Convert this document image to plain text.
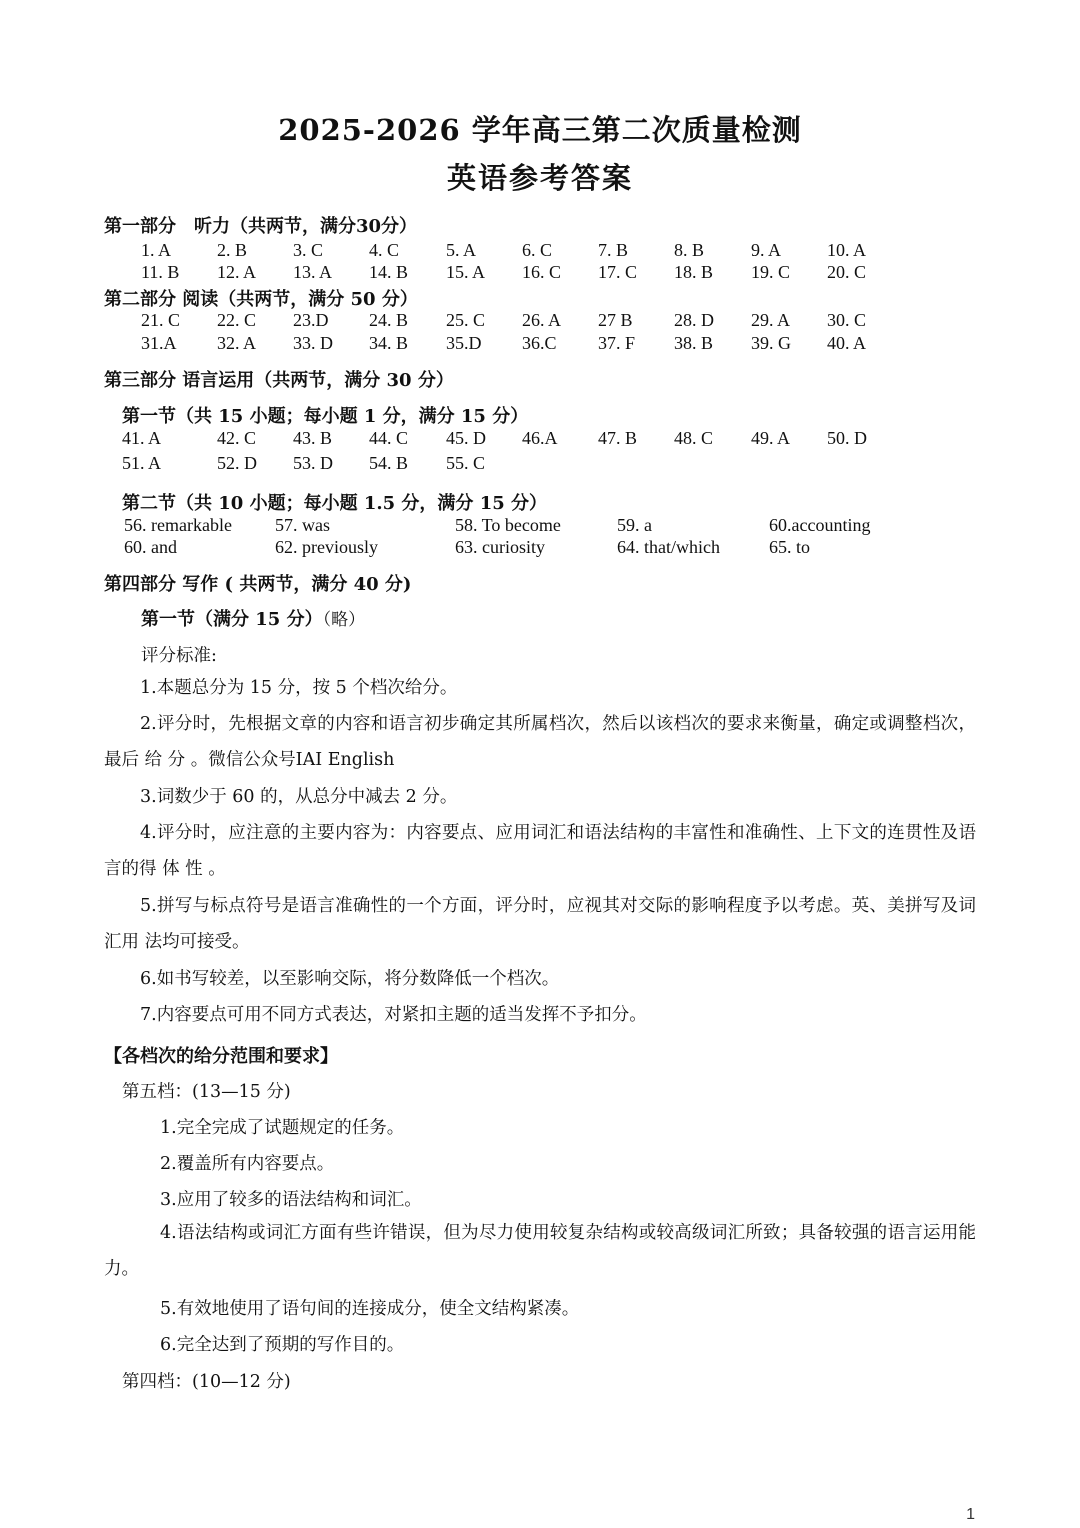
2025-2026 学年高三第二次质量检测
英语参考答案
第一部分　听力（共两节，满分30分）
1. A	2. B	3. C	4. C	5. A	6. C	7. B	8. B	9. A	10. A
11. B 12. A 13. A 14. B 15. A 16. C 17. C 18. B 19. C 20. C
第二部分 阅读（共两节，满分 50 分）
21. C 22. C 23.D 24. B 25. C 26. A 27 B 28. D 29. A 30. C
31.A 32. A 33. D 34. B 35.D 36.C 37. F 38. B 39. G 40. A
第三部分 语言运用（共两节，满分 30 分）
第一节（共 15 小题；每小题 1 分，满分 15 分）
41. A	42. C 43. B 44. C 45. D 46.A 47. B 48. C 49. A 50. D
51. A	52. D 53. D 54. B 55. C
第二节（共 10 小题；每小题 1.5 分，满分 15 分）
56. remarkable 57. was	58. To become	59. a	60.accounting
60. and	62. previously	63. curiosity	64. that/which	65. to
第四部分 写作 ( 共两节，满分 40 分)
第一节（满分 15 分）（略）
评分标准:
1.本题总分为 15 分，按 5 个档次给分。
2.评分时，先根据文章的内容和语言初步确定其所属档次，然后以该档次的要求来衡量，确定或调整档次，最后 给 分 。微信公众号IAI English
3.词数少于 60 的，从总分中减去 2 分。
4.评分时，应注意的主要内容为：内容要点、应用词汇和语法结构的丰富性和准确性、上下文的连贯性及语言的得 体 性 。
5.拼写与标点符号是语言准确性的一个方面，评分时，应视其对交际的影响程度予以考虑。英、美拼写及词汇用 法均可接受。
6.如书写较差，以至影响交际，将分数降低一个档次。
7.内容要点可用不同方式表达，对紧扣主题的适当发挥不予扣分。
【各档次的给分范围和要求】
第五档：(13—15 分)
1.完全完成了试题规定的任务。
2.覆盖所有内容要点。
3.应用了较多的语法结构和词汇。
4.语法结构或词汇方面有些许错误，但为尽力使用较复杂结构或较高级词汇所致；具备较强的语言运用能力。
5.有效地使用了语句间的连接成分，使全文结构紧凑。
6.完全达到了预期的写作目的。
第四档：(10—12 分)
1
